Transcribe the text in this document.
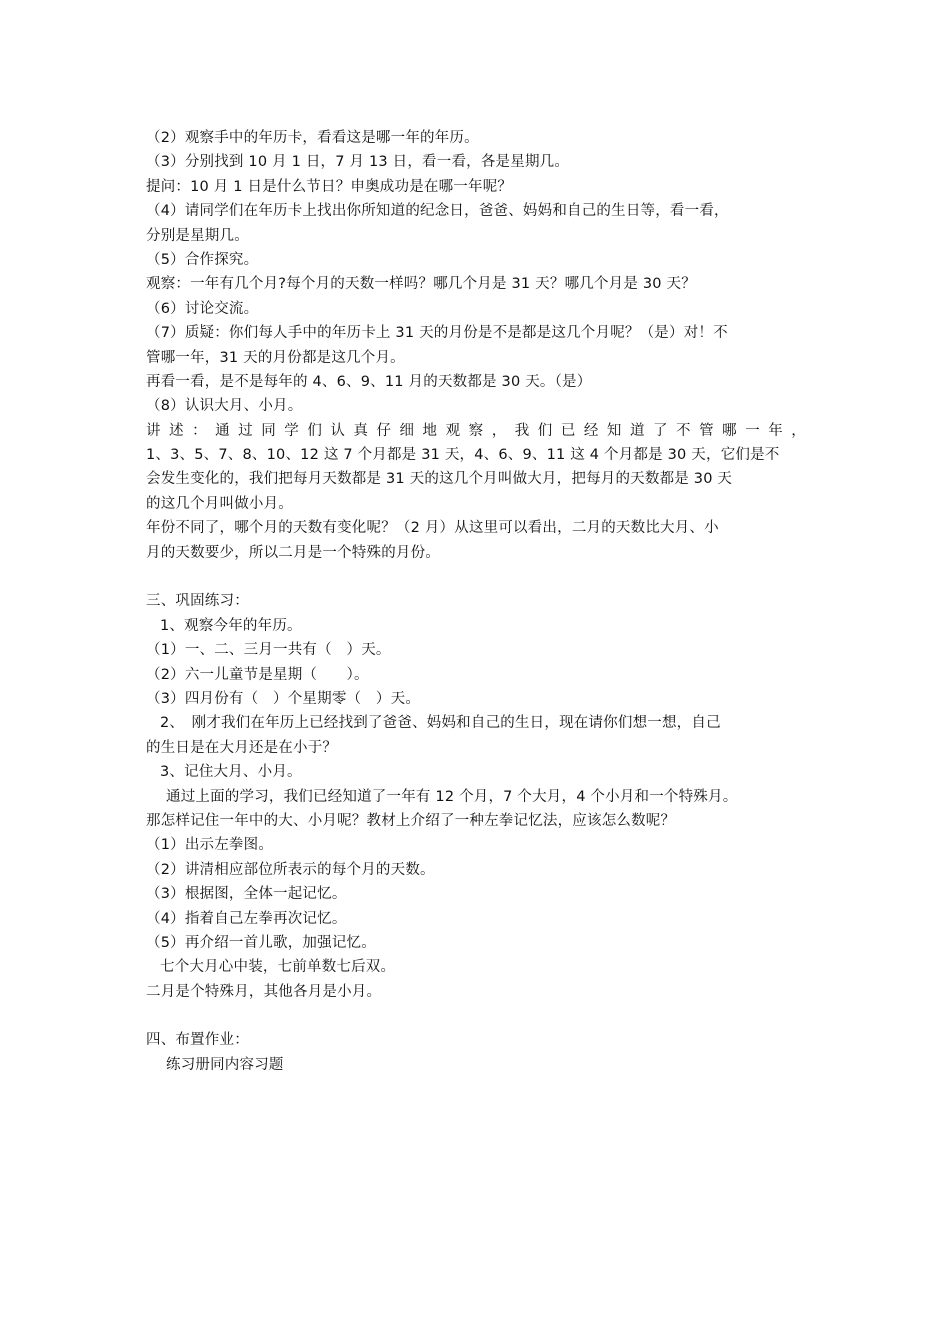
（2）观察手中的年历卡，看看这是哪一年的年历。
（3）分别找到 10 月 1 日，7 月 13 日，看一看，各是星期几。
提问：10 月 1 日是什么节日？申奥成功是在哪一年呢？
（4）请同学们在年历卡上找出你所知道的纪念日，爸爸、妈妈和自己的生日等，看一看，
分别是星期几。
（5）合作探究。
观察：一年有几个月?每个月的天数一样吗？哪几个月是 31 天？哪几个月是 30 天？
（6）讨论交流。
（7）质疑：你们每人手中的年历卡上 31 天的月份是不是都是这几个月呢？（是）对！不
管哪一年，31 天的月份都是这几个月。
再看一看，是不是每年的 4、6、9、11 月的天数都是 30 天。（是）
（8）认识大月、小月。
讲述：通过同学们认真仔细地观察，我们已经知道了不管哪一年，
1、3、5、7、8、10、12 这 7 个月都是 31 天，4、6、9、11 这 4 个月都是 30 天，它们是不
会发生变化的，我们把每月天数都是 31 天的这几个月叫做大月，把每月的天数都是 30 天
的这几个月叫做小月。
年份不同了，哪个月的天数有变化呢？（2 月）从这里可以看出，二月的天数比大月、小
月的天数要少，所以二月是一个特殊的月份。
三、巩固练习：
1、观察今年的年历。
（1）一、二、三月一共有（　）天。
（2）六一儿童节是星期（　　）。
（3）四月份有（　）个星期零（　）天。
2、　刚才我们在年历上已经找到了爸爸、妈妈和自己的生日，现在请你们想一想，自己
的生日是在大月还是在小于？
3、记住大月、小月。
通过上面的学习，我们已经知道了一年有 12 个月，7 个大月，4 个小月和一个特殊月。
那怎样记住一年中的大、小月呢？教材上介绍了一种左拳记忆法，应该怎么数呢？
（1）出示左拳图。
（2）讲清相应部位所表示的每个月的天数。
（3）根据图，全体一起记忆。
（4）指着自己左拳再次记忆。
（5）再介绍一首儿歌，加强记忆。
七个大月心中装，七前单数七后双。
二月是个特殊月，其他各月是小月。
四、布置作业：
练习册同内容习题
